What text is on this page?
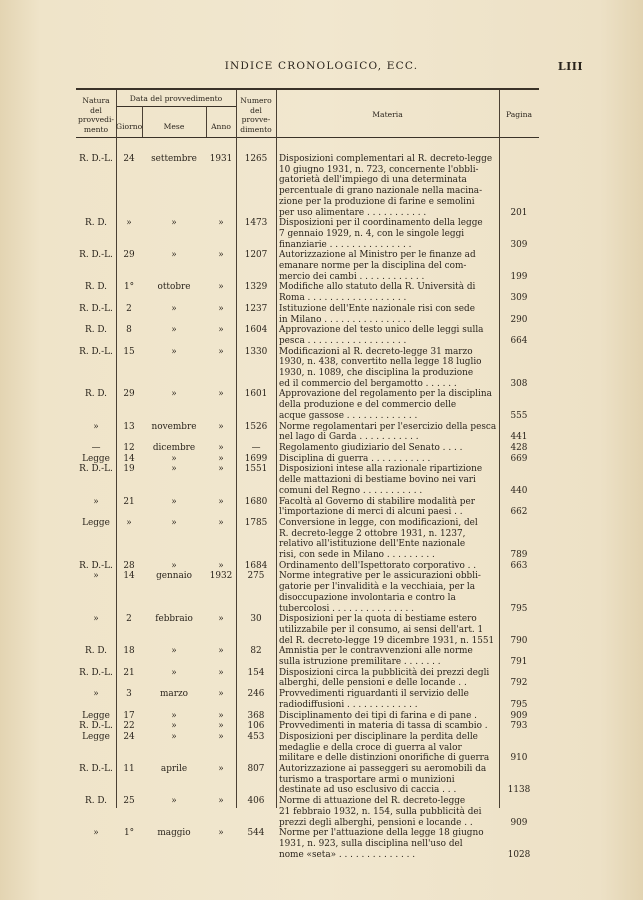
INDICE CRONOLOGICO, ECC.	LIII
Natura
del
provvedi-
mento
Data del provvedimento
Giorno	Mese	Anno
Numero
del
provve-
dimento
Materia	Pagina
R. D.-L.	24	settembre	1931	1265	Disposizioni complementari al R. decreto-legge
10 giugno 1931, n. 723, concernente l'obbli-
gatorietà dell'impiego di una determinata
percentuale di grano nazionale nella macina-
zione per la produzione di farine e semolini
per uso alimentare . . . . . . . . . . .	201
R. D.	»	»	»	1473	Disposizioni per il coordinamento della legge
7 gennaio 1929, n. 4, con le singole leggi
finanziarie . . . . . . . . . . . . . . .	309
R. D.-L.	29	»	»	1207	Autorizzazione al Ministro per le finanze ad
emanare norme per la disciplina del com-
mercio dei cambi . . . . . . . . . . . .	199
R. D.	1°	ottobre	»	1329	Modifiche allo statuto della R. Università di
Roma . . . . . . . . . . . . . . . . . .	309
R. D.-L.	2	»	»	1237	Istituzione dell'Ente nazionale risi con sede
in Milano . . . . . . . . . . . . . . . .	290
R. D.	8	»	»	1604	Approvazione del testo unico delle leggi sulla
pesca . . . . . . . . . . . . . . . . . .	664
R. D.-L.	15	»	»	1330	Modificazioni al R. decreto-legge 31 marzo
1930, n. 438, convertito nella legge 18 luglio
1930, n. 1089, che disciplina la produzione
ed il commercio del bergamotto . . . . . .	308
R. D.	29	»	»	1601	Approvazione del regolamento per la disciplina
della produzione e del commercio delle
acque gassose . . . . . . . . . . . . .	555
»	13	novembre	»	1526	Norme regolamentari per l'esercizio della pesca
nel lago di Garda . . . . . . . . . . .	441
—	12	dicembre	»	—	Regolamento giudiziario del Senato . . . .	428
Legge	14	»	»	1699	Disciplina di guerra . . . . . . . . . . .	669
R. D.-L.	19	»	»	1551	Disposizioni intese alla razionale ripartizione
delle mattazioni di bestiame bovino nei vari
comuni del Regno . . . . . . . . . . .	440
»	21	»	»	1680	Facoltà al Governo di stabilire modalità per
l'importazione di merci di alcuni paesi . .	662
Legge	»	»	»	1785	Conversione in legge, con modificazioni, del
R. decreto-legge 2 ottobre 1931, n. 1237,
relativo all'istituzione dell'Ente nazionale
risi, con sede in Milano . . . . . . . . .	789
R. D.-L.	28	»	»	1684	Ordinamento dell'Ispettorato corporativo . .	663
»	14	gennaio	1932	275	Norme integrative per le assicurazioni obbli-
gatorie per l'invalidità e la vecchiaia, per la
disoccupazione involontaria e contro la
tubercolosi . . . . . . . . . . . . . . .	795
»	2	febbraio	»	30	Disposizioni per la quota di bestiame estero
utilizzabile per il consumo, ai sensi dell'art. 1
del R. decreto-legge 19 dicembre 1931, n. 1551	790
R. D.	18	»	»	82	Amnistia per le contravvenzioni alle norme
sulla istruzione premilitare . . . . . . .	791
R. D.-L.	21	»	»	154	Disposizioni circa la pubblicità dei prezzi degli
alberghi, delle pensioni e delle locande . .	792
»	3	marzo	»	246	Provvedimenti riguardanti il servizio delle
radiodiffusioni . . . . . . . . . . . . .	795
Legge	17	»	»	368	Disciplinamento dei tipi di farina e di pane .	909
R. D.-L.	22	»	»	106	Provvedimenti in materia di tassa di scambio .	793
Legge	24	»	»	453	Disposizioni per disciplinare la perdita delle
medaglie e della croce di guerra al valor
militare e delle distinzioni onorifiche di guerra	910
R. D.-L.	11	aprile	»	807	Autorizzazione ai passeggeri su aeromobili da
turismo a trasportare armi o munizioni
destinate ad uso esclusivo di caccia . . .	1138
R. D.	25	»	»	406	Norme di attuazione del R. decreto-legge
21 febbraio 1932, n. 154, sulla pubblicità dei
prezzi degli alberghi, pensioni e locande . .	909
»	1°	maggio	»	544	Norme per l'attuazione della legge 18 giugno
1931, n. 923, sulla disciplina nell'uso del
nome «seta» . . . . . . . . . . . . . .	1028
